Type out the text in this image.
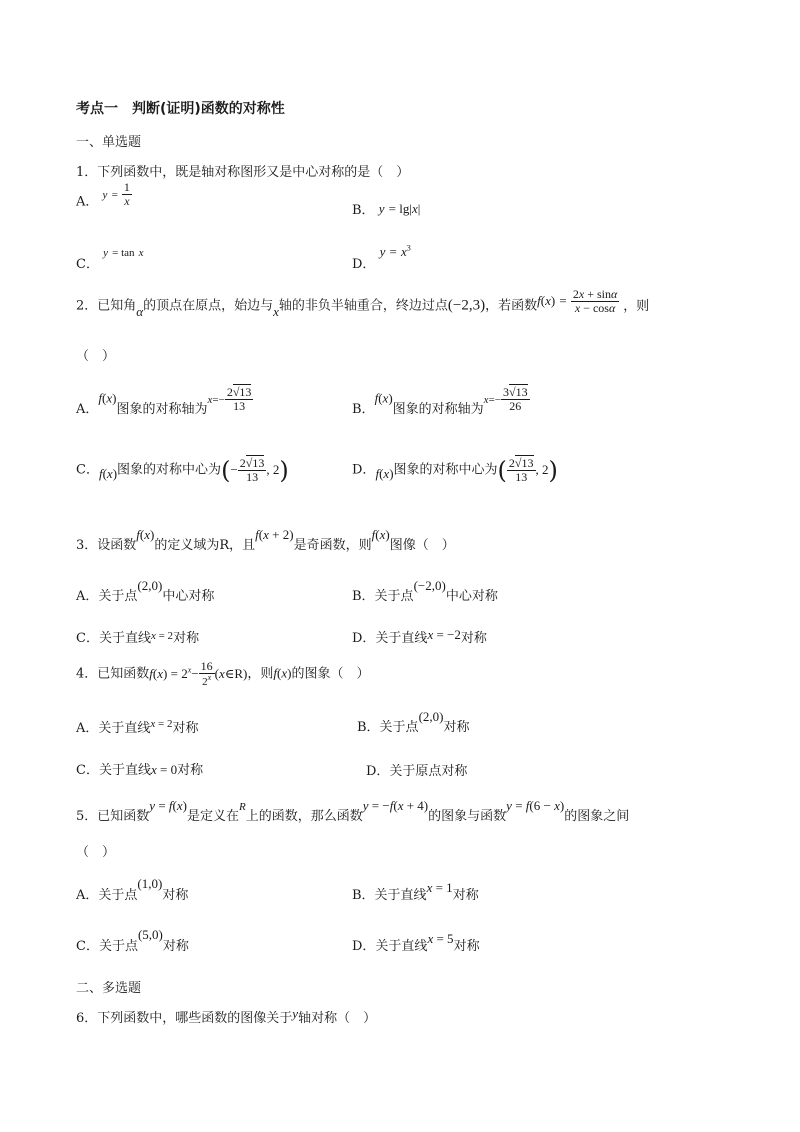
考点一　判断(证明)函数的对称性
一、单选题
1．下列函数中，既是轴对称图形又是中心对称的是（　）
A． $y = \frac{1}{x}$
B． y = lg|x|
C． y = tan x
D． $y = x^3$
2．已知角α的顶点在原点，始边与x轴的非负半轴重合，终边过点(−2,3)，若函数$f(x) = \frac{2x + \sin\alpha}{x - \cos\alpha}$ ，则
（　）
A．f(x)图象的对称轴为$x=- \frac{2√13}{13}$	B．f(x)图象的对称轴为$x=- \frac{3√13}{26}$
C．f(x)图象的对称中心为(− $\frac{2√13}{13}$ , 2)	D．f(x)图象的对称中心为( $\frac{2√13}{13}$ , 2)
3．设函数f(x)的定义域为R，且f(x + 2)是奇函数，则f(x)图像（　）
A．关于点(2,0)中心对称	B．关于点(−2,0)中心对称
C．关于直线x = 2对称	D．关于直线x = −2对称
4．已知函数$f(x) = 2^x- \frac{16}{2^x}$ (x∈R)，则f(x)的图象（　）
A．关于直线x = 2对称	B．关于点(2,0)对称
C．关于直线x = 0对称	D．关于原点对称
5．已知函数y = f(x)是定义在R上的函数，那么函数y = −f(x + 4)的图象与函数y = f(6 − x)的图象之间
（　）
A．关于点(1,0)对称	B．关于直线x = 1对称
C．关于点(5,0)对称	D．关于直线x = 5对称
二、多选题
6．下列函数中，哪些函数的图像关于y轴对称（　）
